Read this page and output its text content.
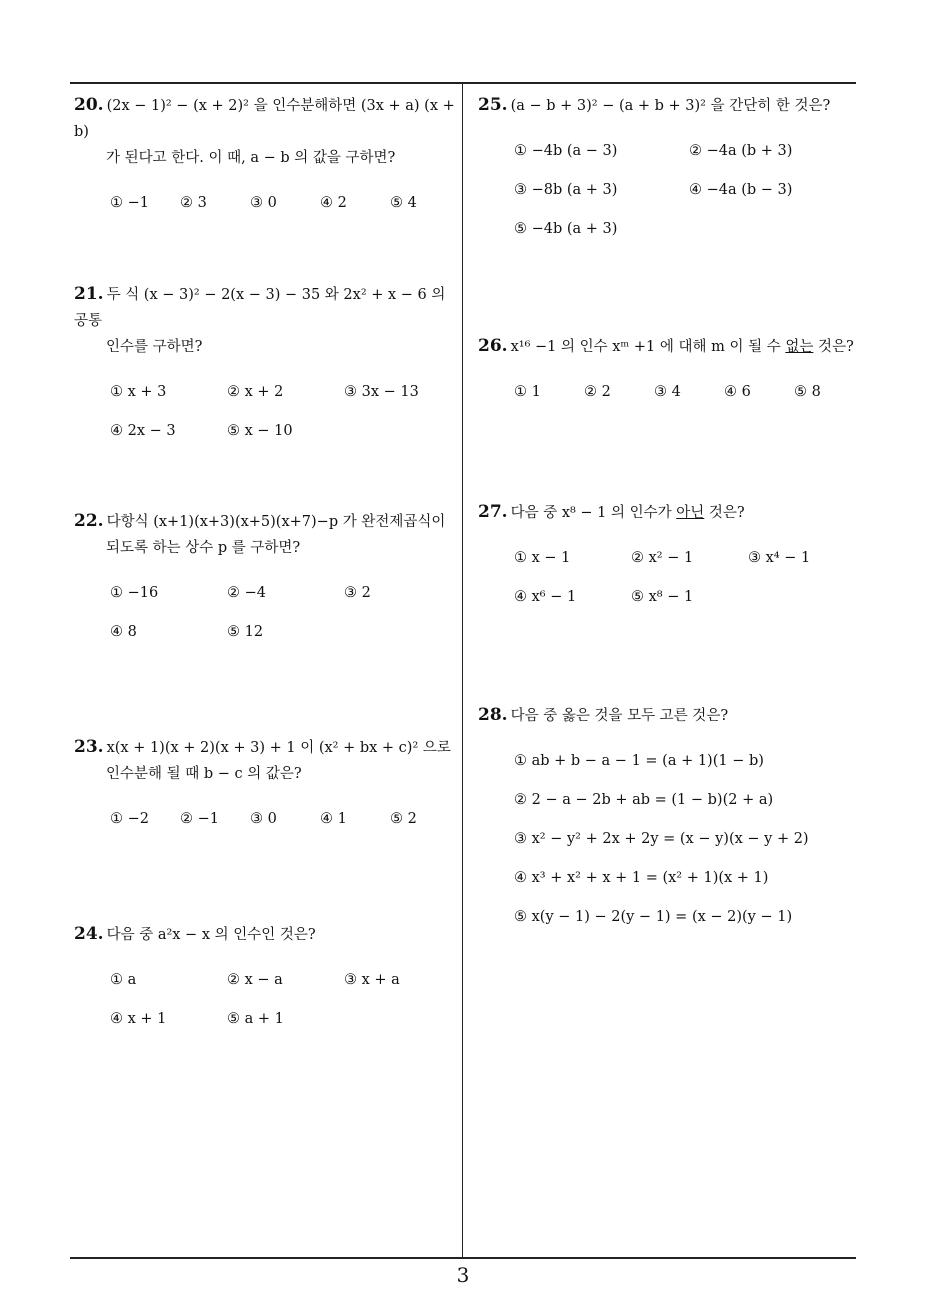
20. (2x − 1)² − (x + 2)² 을 인수분해하면 (3x + a) (x + b)
가 된다고 한다. 이 때, a − b 의 값을 구하면?
① −1 ② 3	③ 0	④ 2	⑤ 4
21. 두 식 (x − 3)² − 2(x − 3) − 35 와 2x² + x − 6 의 공통
인수를 구하면?
① x + 3	② x + 2	③ 3x − 13
④ 2x − 3	⑤ x − 10
22. 다항식 (x+1)(x+3)(x+5)(x+7)−p 가 완전제곱식이
되도록 하는 상수 p 를 구하면?
① −16	② −4	③ 2
④ 8	⑤ 12
23. x(x + 1)(x + 2)(x + 3) + 1 이 (x² + bx + c)² 으로
인수분해 될 때 b − c 의 값은?
① −2 ② −1 ③ 0	④ 1	⑤ 2
24. 다음 중 a²x − x 의 인수인 것은?
① a	② x − a	③ x + a
④ x + 1	⑤ a + 1
25. (a − b + 3)² − (a + b + 3)² 을 간단히 한 것은?
① −4b (a − 3)	② −4a (b + 3)
③ −8b (a + 3)	④ −4a (b − 3)
⑤ −4b (a + 3)
26. x¹⁶ −1 의 인수 xᵐ +1 에 대해 m 이 될 수 없는 것은?
① 1	② 2	③ 4	④ 6	⑤ 8
27. 다음 중 x⁸ − 1 의 인수가 아닌 것은?
① x − 1	② x² − 1	③ x⁴ − 1
④ x⁶ − 1	⑤ x⁸ − 1
28. 다음 중 옳은 것을 모두 고른 것은?
① ab + b − a − 1 = (a + 1)(1 − b)
② 2 − a − 2b + ab = (1 − b)(2 + a)
③ x² − y² + 2x + 2y = (x − y)(x − y + 2)
④ x³ + x² + x + 1 = (x² + 1)(x + 1)
⑤ x(y − 1) − 2(y − 1) = (x − 2)(y − 1)
3
